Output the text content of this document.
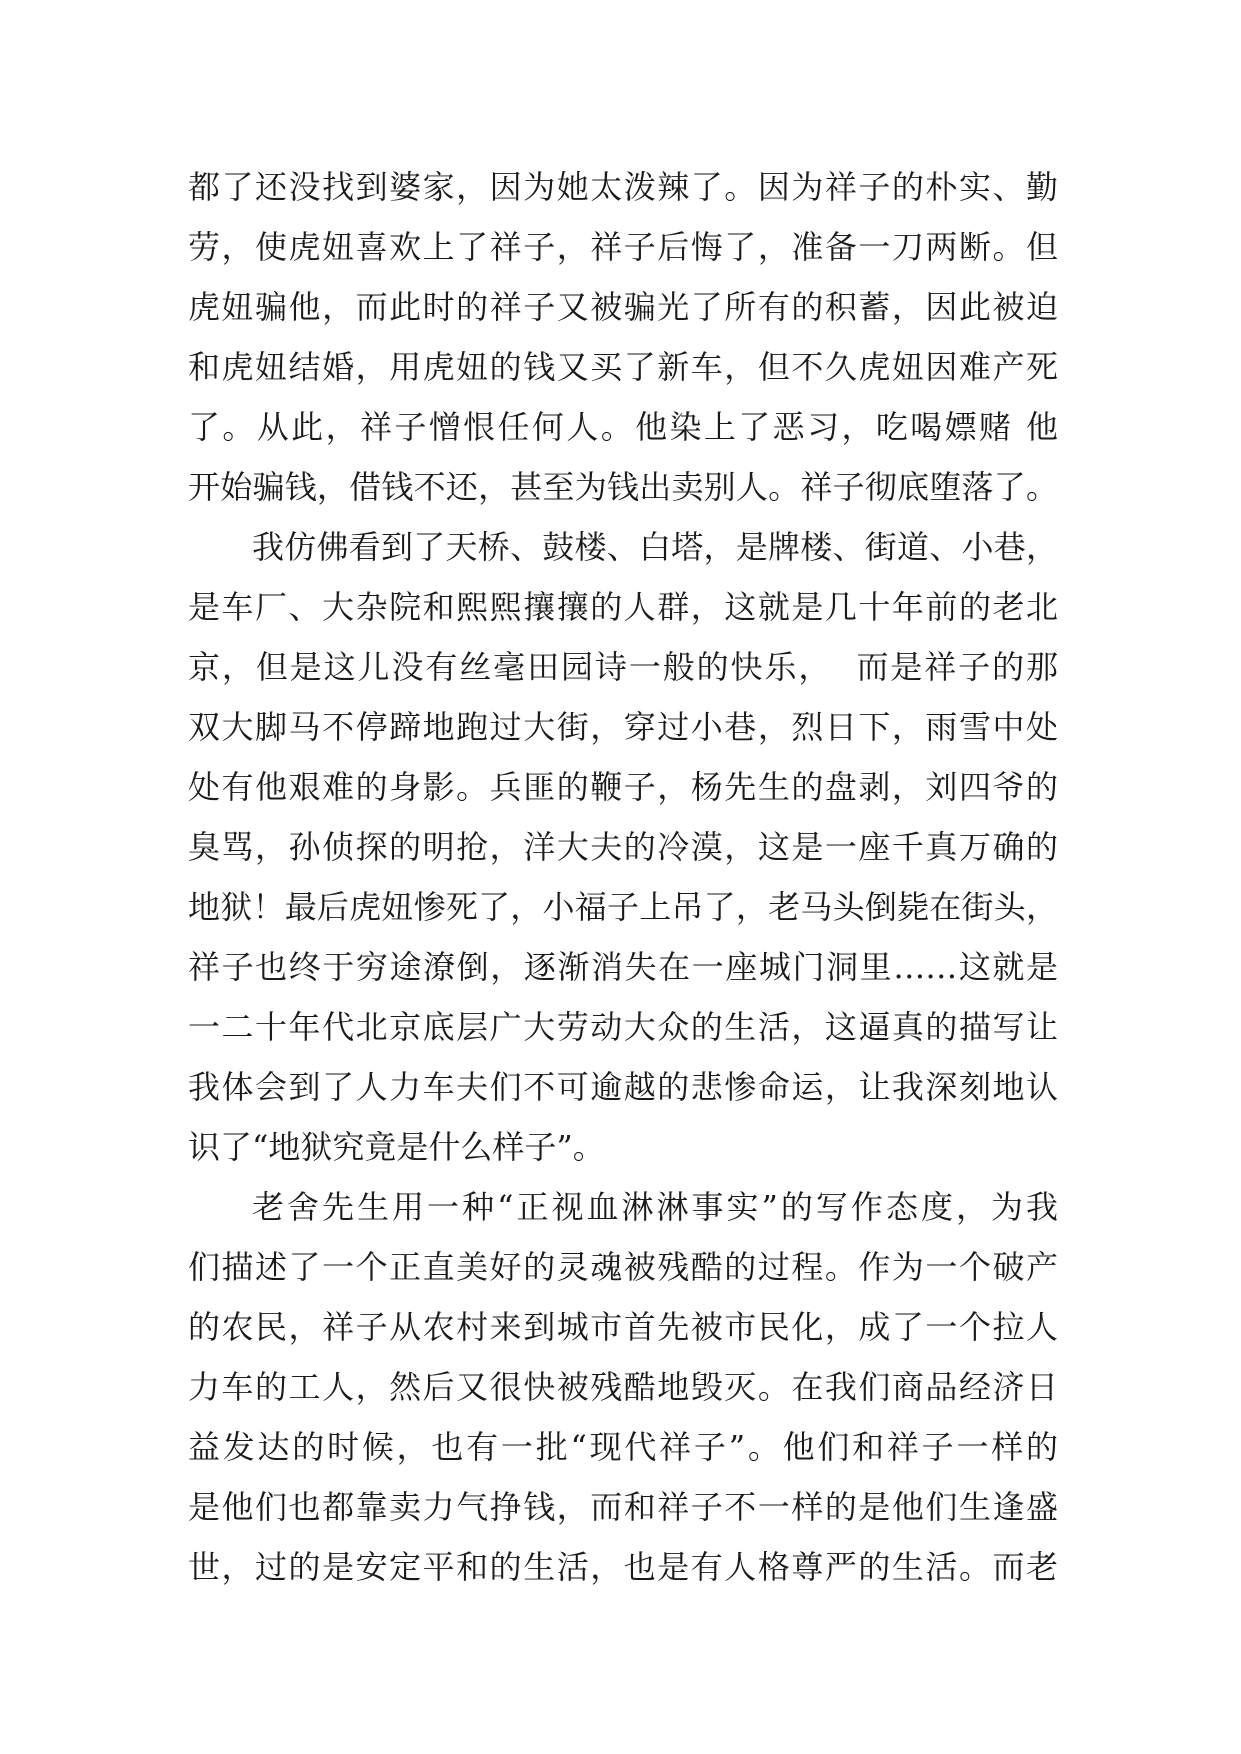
都了还没找到婆家，因为她太泼辣了。因为祥子的朴实、勤
劳，使虎妞喜欢上了祥子，祥子后悔了，准备一刀两断。但
虎妞骗他，而此时的祥子又被骗光了所有的积蓄，因此被迫
和虎妞结婚，用虎妞的钱又买了新车，但不久虎妞因难产死
了。从此，祥子憎恨任何人。他染上了恶习，吃喝嫖赌 他
开始骗钱，借钱不还，甚至为钱出卖别人。祥子彻底堕落了。
我仿佛看到了天桥、鼓楼、白塔，是牌楼、街道、小巷，
是车厂、大杂院和熙熙攘攘的人群，这就是几十年前的老北
京，但是这儿没有丝毫田园诗一般的快乐，  而是祥子的那
双大脚马不停蹄地跑过大街，穿过小巷，烈日下，雨雪中处
处有他艰难的身影。兵匪的鞭子，杨先生的盘剥，刘四爷的
臭骂，孙侦探的明抢，洋大夫的冷漠，这是一座千真万确的
地狱！最后虎妞惨死了，小福子上吊了，老马头倒毙在街头，
祥子也终于穷途潦倒，逐渐消失在一座城门洞里……这就是
一二十年代北京底层广大劳动大众的生活，这逼真的描写让
我体会到了人力车夫们不可逾越的悲惨命运，让我深刻地认
识了“地狱究竟是什么样子”。
老舍先生用一种“正视血淋淋事实”的写作态度，为我
们描述了一个正直美好的灵魂被残酷的过程。作为一个破产
的农民，祥子从农村来到城市首先被市民化，成了一个拉人
力车的工人，然后又很快被残酷地毁灭。在我们商品经济日
益发达的时候，也有一批“现代祥子”。他们和祥子一样的
是他们也都靠卖力气挣钱，而和祥子不一样的是他们生逢盛
世，过的是安定平和的生活，也是有人格尊严的生活。而老
